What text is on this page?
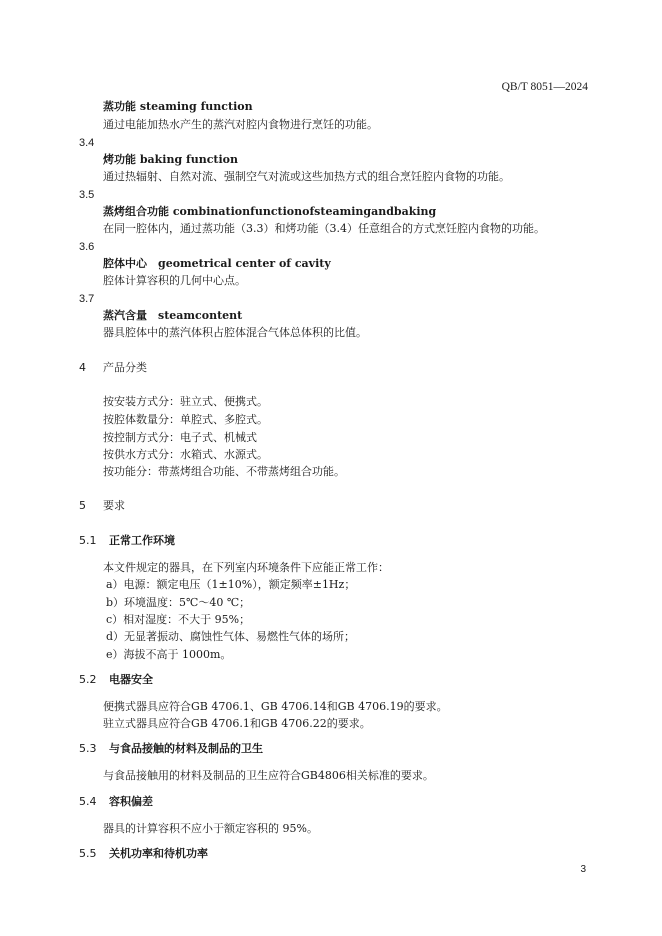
QB/T 8051—2024
蒸功能 steaming function
通过电能加热水产生的蒸汽对腔内食物进行烹饪的功能。
3.4
烤功能 baking function
通过热辐射、自然对流、强制空气对流或这些加热方式的组合烹饪腔内食物的功能。
3.5
蒸烤组合功能 combinationfunctionofsteamingandbaking
在同一腔体内，通过蒸功能（3.3）和烤功能（3.4）任意组合的方式烹饪腔内食物的功能。
3.6
腔体中心　geometrical center of cavity
腔体计算容积的几何中心点。
3.7
蒸汽含量　steamcontent
器具腔体中的蒸汽体积占腔体混合气体总体积的比值。
4 产品分类
按安装方式分：驻立式、便携式。
按腔体数量分：单腔式、多腔式。
按控制方式分：电子式、机械式
按供水方式分：水箱式、水源式。
按功能分：带蒸烤组合功能、不带蒸烤组合功能。
5 要求
5.1 正常工作环境
本文件规定的器具，在下列室内环境条件下应能正常工作：
a）电源：额定电压（1±10%），额定频率±1Hz；
b）环境温度：5℃～40 ℃；
c）相对湿度：不大于 95%；
d）无显著振动、腐蚀性气体、易燃性气体的场所；
e）海拔不高于 1000m。
5.2 电器安全
便携式器具应符合GB 4706.1、GB 4706.14和GB 4706.19的要求。
驻立式器具应符合GB 4706.1和GB 4706.22的要求。
5.3 与食品接触的材料及制品的卫生
与食品接触用的材料及制品的卫生应符合GB4806相关标准的要求。
5.4 容积偏差
器具的计算容积不应小于额定容积的 95%。
5.5 关机功率和待机功率
3
